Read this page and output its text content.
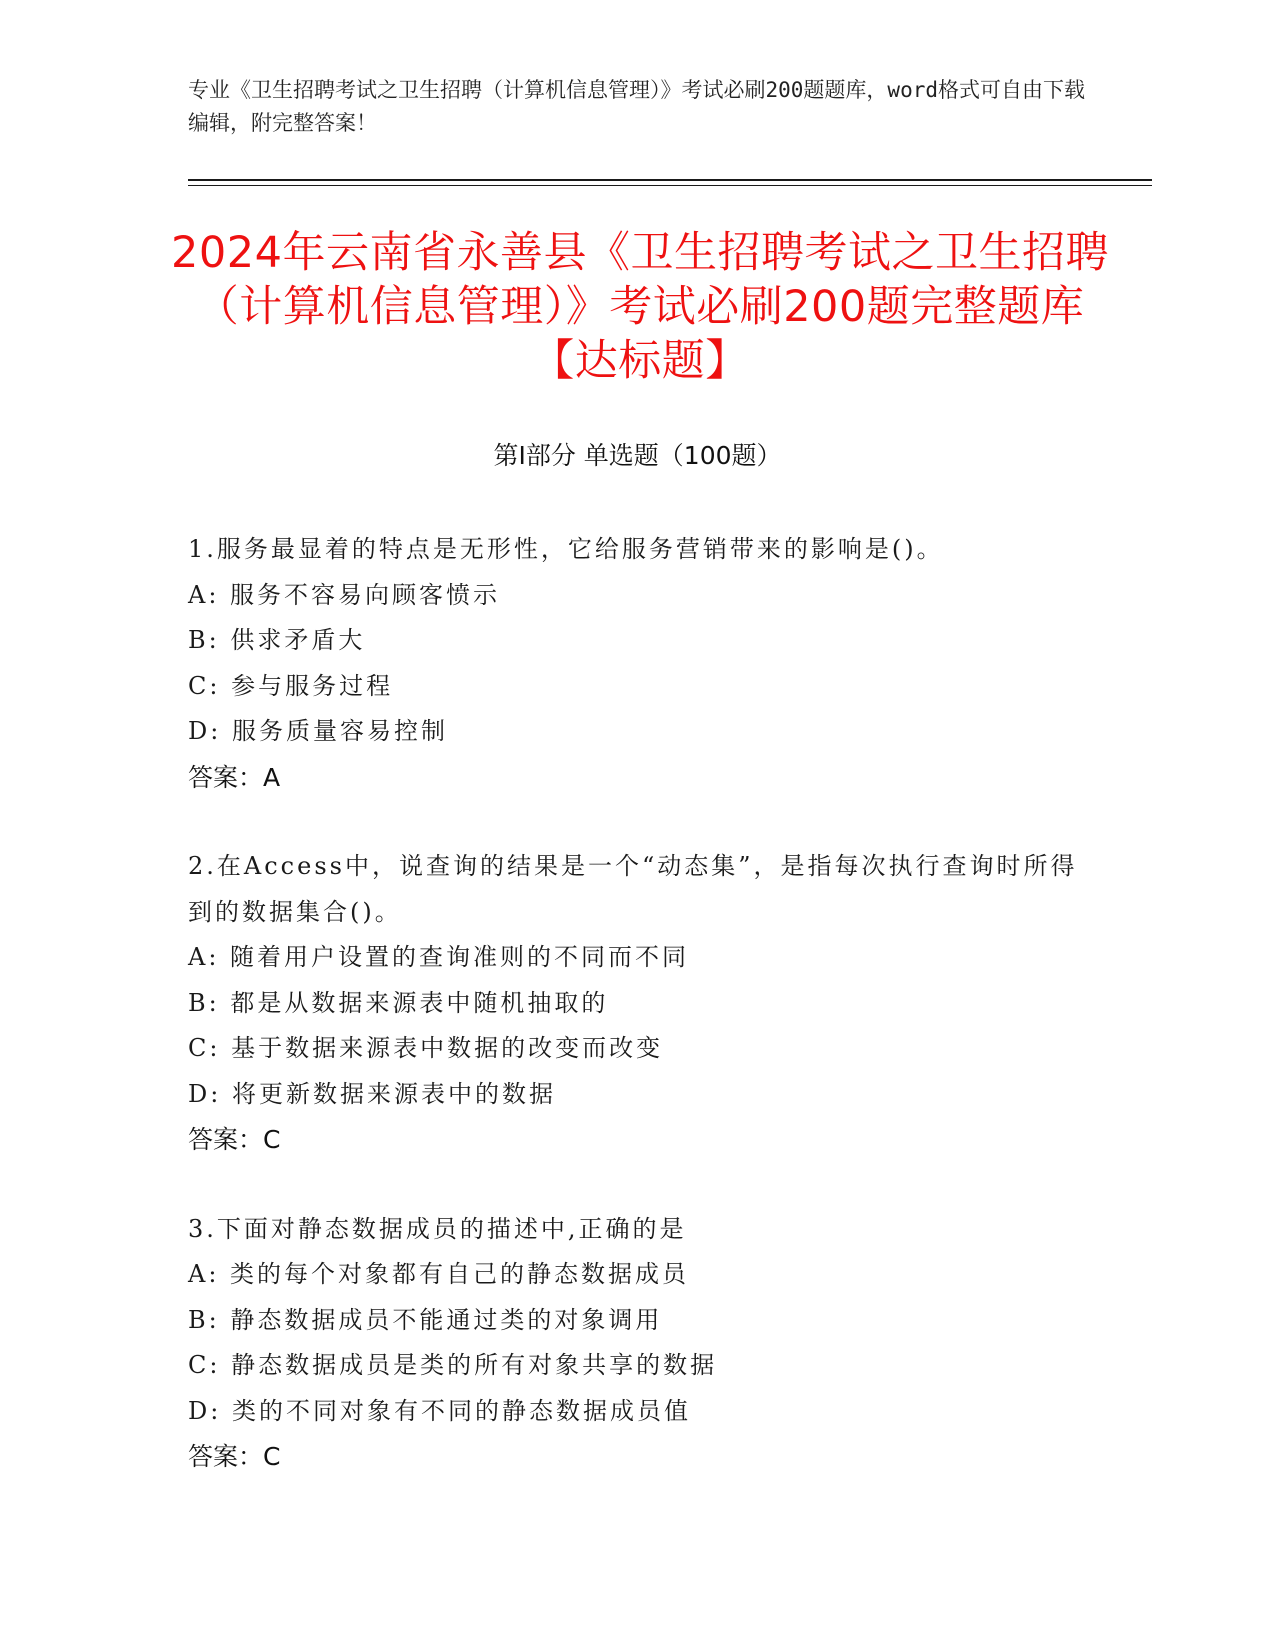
专业《卫生招聘考试之卫生招聘（计算机信息管理）》考试必刷200题题库，word格式可自由下载编辑，附完整答案！
2024年云南省永善县《卫生招聘考试之卫生招聘（计算机信息管理）》考试必刷200题完整题库【达标题】
第Ⅰ部分 单选题（100题）
1.服务最显着的特点是无形性，它给服务营销带来的影响是()。
A: 服务不容易向顾客愤示
B: 供求矛盾大
C: 参与服务过程
D: 服务质量容易控制
答案：A
2.在Access中，说查询的结果是一个“动态集”，是指每次执行查询时所得到的数据集合()。
A: 随着用户设置的查询准则的不同而不同
B: 都是从数据来源表中随机抽取的
C: 基于数据来源表中数据的改变而改变
D: 将更新数据来源表中的数据
答案：C
3.下面对静态数据成员的描述中,正确的是
A: 类的每个对象都有自己的静态数据成员
B: 静态数据成员不能通过类的对象调用
C: 静态数据成员是类的所有对象共享的数据
D: 类的不同对象有不同的静态数据成员值
答案：C
